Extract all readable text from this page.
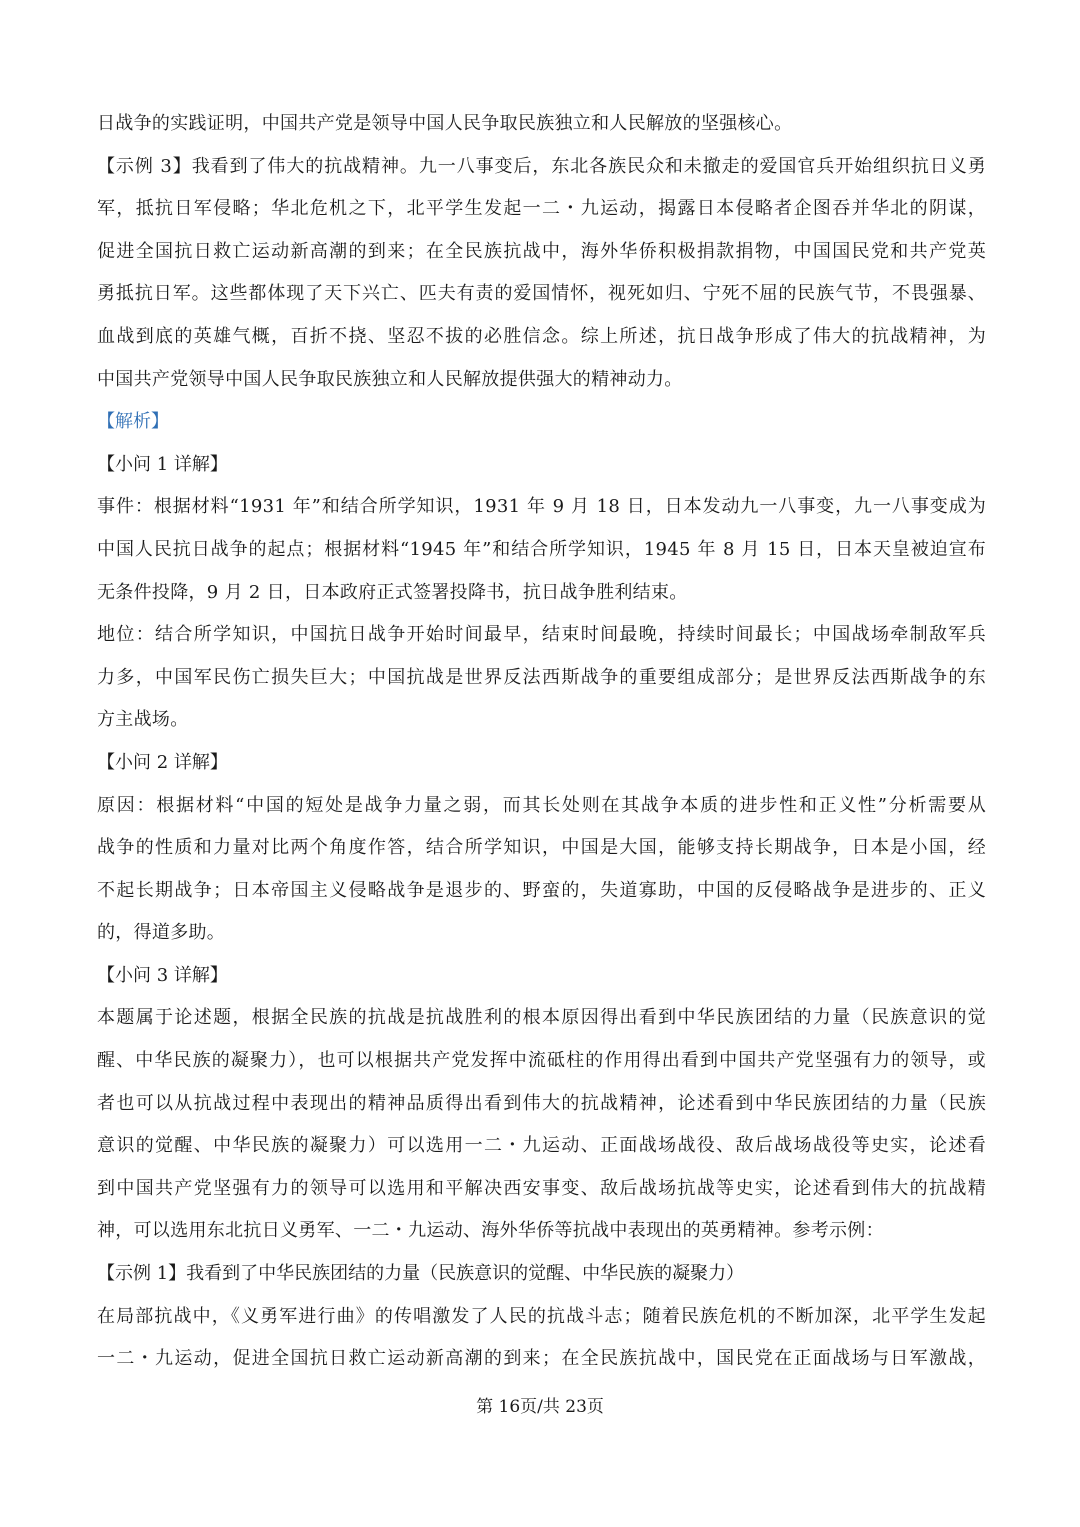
日战争的实践证明，中国共产党是领导中国人民争取民族独立和人民解放的坚强核心。
【示例 3】我看到了伟大的抗战精神。九一八事变后，东北各族民众和未撤走的爱国官兵开始组织抗日义勇
军，抵抗日军侵略；华北危机之下，北平学生发起一二・九运动，揭露日本侵略者企图吞并华北的阴谋，
促进全国抗日救亡运动新高潮的到来；在全民族抗战中，海外华侨积极捐款捐物，中国国民党和共产党英
勇抵抗日军。这些都体现了天下兴亡、匹夫有责的爱国情怀，视死如归、宁死不屈的民族气节，不畏强暴、
血战到底的英雄气概，百折不挠、坚忍不拔的必胜信念。综上所述，抗日战争形成了伟大的抗战精神，为
中国共产党领导中国人民争取民族独立和人民解放提供强大的精神动力。
【解析】
【小问 1 详解】
事件：根据材料“1931 年”和结合所学知识，1931 年 9 月 18 日，日本发动九一八事变，九一八事变成为
中国人民抗日战争的起点；根据材料“1945 年”和结合所学知识，1945 年 8 月 15 日，日本天皇被迫宣布
无条件投降，9 月 2 日，日本政府正式签署投降书，抗日战争胜利结束。
地位：结合所学知识，中国抗日战争开始时间最早，结束时间最晚，持续时间最长；中国战场牵制敌军兵
力多，中国军民伤亡损失巨大；中国抗战是世界反法西斯战争的重要组成部分；是世界反法西斯战争的东
方主战场。
【小问 2 详解】
原因：根据材料“中国的短处是战争力量之弱，而其长处则在其战争本质的进步性和正义性”分析需要从
战争的性质和力量对比两个角度作答，结合所学知识，中国是大国，能够支持长期战争，日本是小国，经
不起长期战争；日本帝国主义侵略战争是退步的、野蛮的，失道寡助，中国的反侵略战争是进步的、正义
的，得道多助。
【小问 3 详解】
本题属于论述题，根据全民族的抗战是抗战胜利的根本原因得出看到中华民族团结的力量（民族意识的觉
醒、中华民族的凝聚力），也可以根据共产党发挥中流砥柱的作用得出看到中国共产党坚强有力的领导，或
者也可以从抗战过程中表现出的精神品质得出看到伟大的抗战精神，论述看到中华民族团结的力量（民族
意识的觉醒、中华民族的凝聚力）可以选用一二・九运动、正面战场战役、敌后战场战役等史实，论述看
到中国共产党坚强有力的领导可以选用和平解决西安事变、敌后战场抗战等史实，论述看到伟大的抗战精
神，可以选用东北抗日义勇军、一二・九运动、海外华侨等抗战中表现出的英勇精神。参考示例：
【示例 1】我看到了中华民族团结的力量（民族意识的觉醒、中华民族的凝聚力）
在局部抗战中，《义勇军进行曲》的传唱激发了人民的抗战斗志；随着民族危机的不断加深，北平学生发起
一二・九运动，促进全国抗日救亡运动新高潮的到来；在全民族抗战中，国民党在正面战场与日军激战，
第 16页/共 23页
